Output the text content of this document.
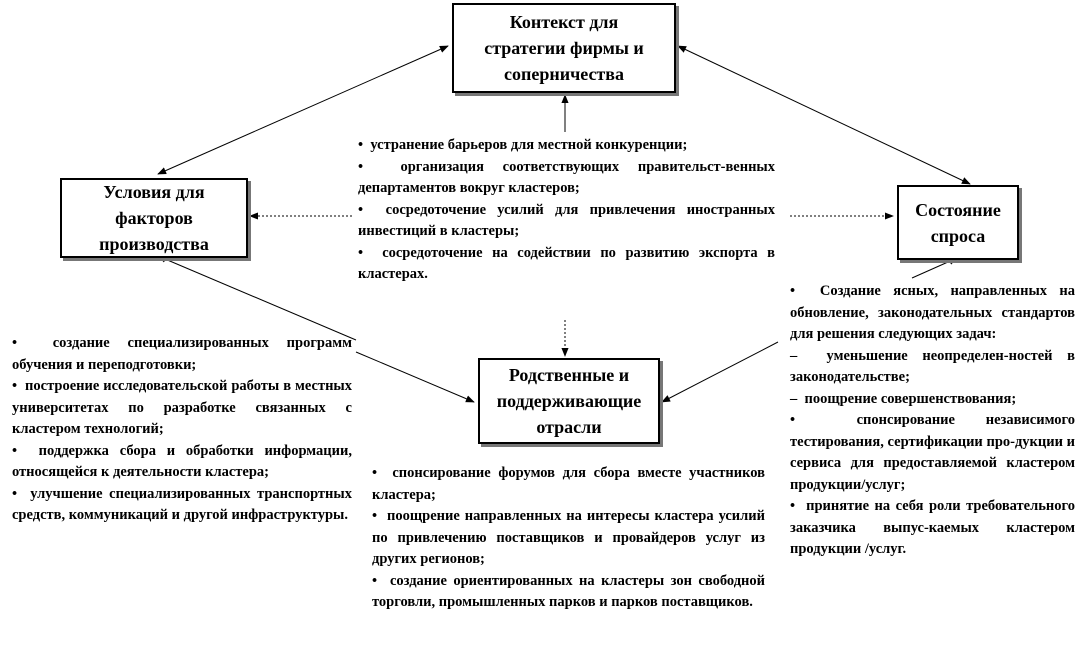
Контекст для
стратегии фирмы и
соперничества
Условия для
факторов
производства
Состояние
спроса
Родственные и
поддерживающие
отрасли

•  устранение барьеров для местной конкуренции;

•  организация соответствующих правительст-венных департаментов вокруг кластеров;

•  сосредоточение усилий для привлечения иностранных инвестиций в кластеры;

•  сосредоточение на содействии по развитию экспорта в кластерах.

•  создание специализированных программ обучения и переподготовки;

•  построение исследовательской работы в местных университетах по разработке связанных с кластером технологий;

•  поддержка сбора и обработки информации, относящейся к деятельности кластера;

•  улучшение специализированных транспортных средств, коммуникаций и другой инфраструктуры.

•  спонсирование форумов для сбора вместе участников кластера;

•  поощрение направленных на интересы кластера усилий по привлечению поставщиков и провайдеров услуг из других регионов;

•  создание ориентированных на кластеры зон свободной торговли, промышленных парков и парков поставщиков.

•  Создание ясных, направленных на обновление, законодательных стандартов для решения следующих задач:

–  уменьшение неопределен-ностей в законодательстве;

–  поощрение совершенствования;

•  спонсирование независимого тестирования, сертификации про-дукции и сервиса для предоставляемой кластером продукции/услуг;

•  принятие на себя роли требовательного заказчика выпус-каемых кластером продукции /услуг.
